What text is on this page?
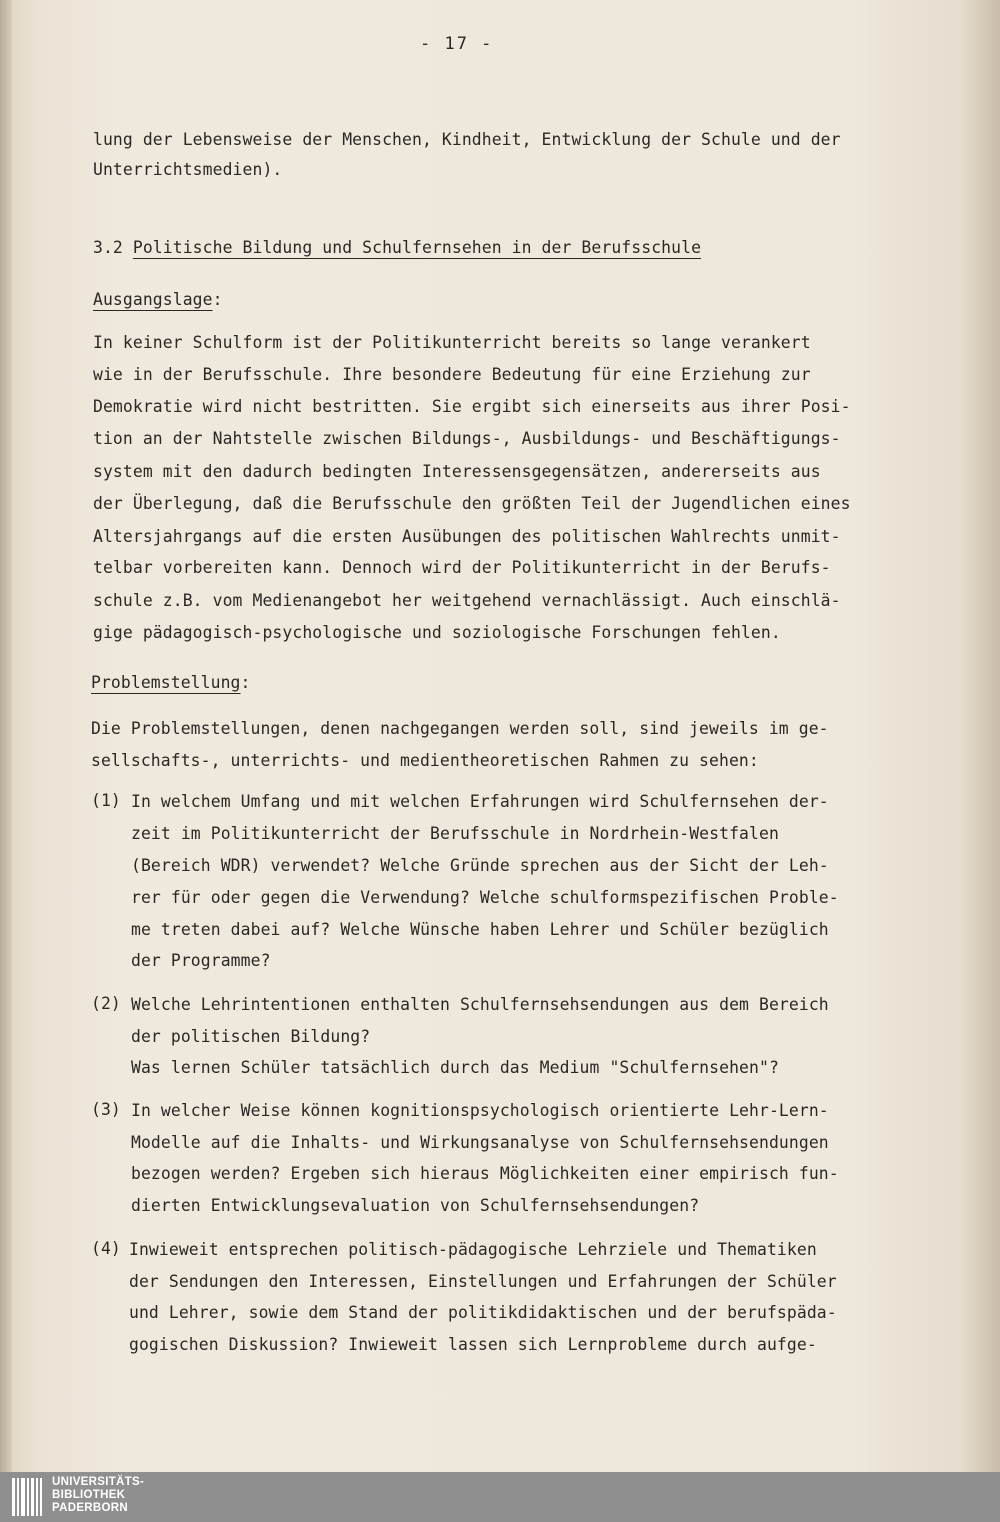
- 17 -
lung der Lebensweise der Menschen, Kindheit, Entwicklung der Schule und der
Unterrichtsmedien).
3.2 Politische Bildung und Schulfernsehen in der Berufsschule
Ausgangslage:
In keiner Schulform ist der Politikunterricht bereits so lange verankert
wie in der Berufsschule. Ihre besondere Bedeutung für eine Erziehung zur
Demokratie wird nicht bestritten. Sie ergibt sich einerseits aus ihrer Posi-
tion an der Nahtstelle zwischen Bildungs-, Ausbildungs- und Beschäftigungs-
system mit den dadurch bedingten Interessensgegensätzen, andererseits aus
der Überlegung, daß die Berufsschule den größten Teil der Jugendlichen eines
Altersjahrgangs auf die ersten Ausübungen des politischen Wahlrechts unmit-
telbar vorbereiten kann. Dennoch wird der Politikunterricht in der Berufs-
schule z.B. vom Medienangebot her weitgehend vernachlässigt. Auch einschlä-
gige pädagogisch-psychologische und soziologische Forschungen fehlen.
Problemstellung:
Die Problemstellungen, denen nachgegangen werden soll, sind jeweils im ge-
sellschafts-, unterrichts- und medientheoretischen Rahmen zu sehen:
(1) In welchem Umfang und mit welchen Erfahrungen wird Schulfernsehen der-
zeit im Politikunterricht der Berufsschule in Nordrhein-Westfalen
(Bereich WDR) verwendet? Welche Gründe sprechen aus der Sicht der Leh-
rer für oder gegen die Verwendung? Welche schulformspezifischen Proble-
me treten dabei auf? Welche Wünsche haben Lehrer und Schüler bezüglich
der Programme?
(2) Welche Lehrintentionen enthalten Schulfernsehsendungen aus dem Bereich
der politischen Bildung?
Was lernen Schüler tatsächlich durch das Medium "Schulfernsehen"?
(3) In welcher Weise können kognitionspsychologisch orientierte Lehr-Lern-
Modelle auf die Inhalts- und Wirkungsanalyse von Schulfernsehsendungen
bezogen werden? Ergeben sich hieraus Möglichkeiten einer empirisch fun-
dierten Entwicklungsevaluation von Schulfernsehsendungen?
(4) Inwieweit entsprechen politisch-pädagogische Lehrziele und Thematiken
der Sendungen den Interessen, Einstellungen und Erfahrungen der Schüler
und Lehrer, sowie dem Stand der politikdidaktischen und der berufspäda-
gogischen Diskussion? Inwieweit lassen sich Lernprobleme durch aufge-
UNIVERSITÄTS-
BIBLIOTHEK
PADERBORN
